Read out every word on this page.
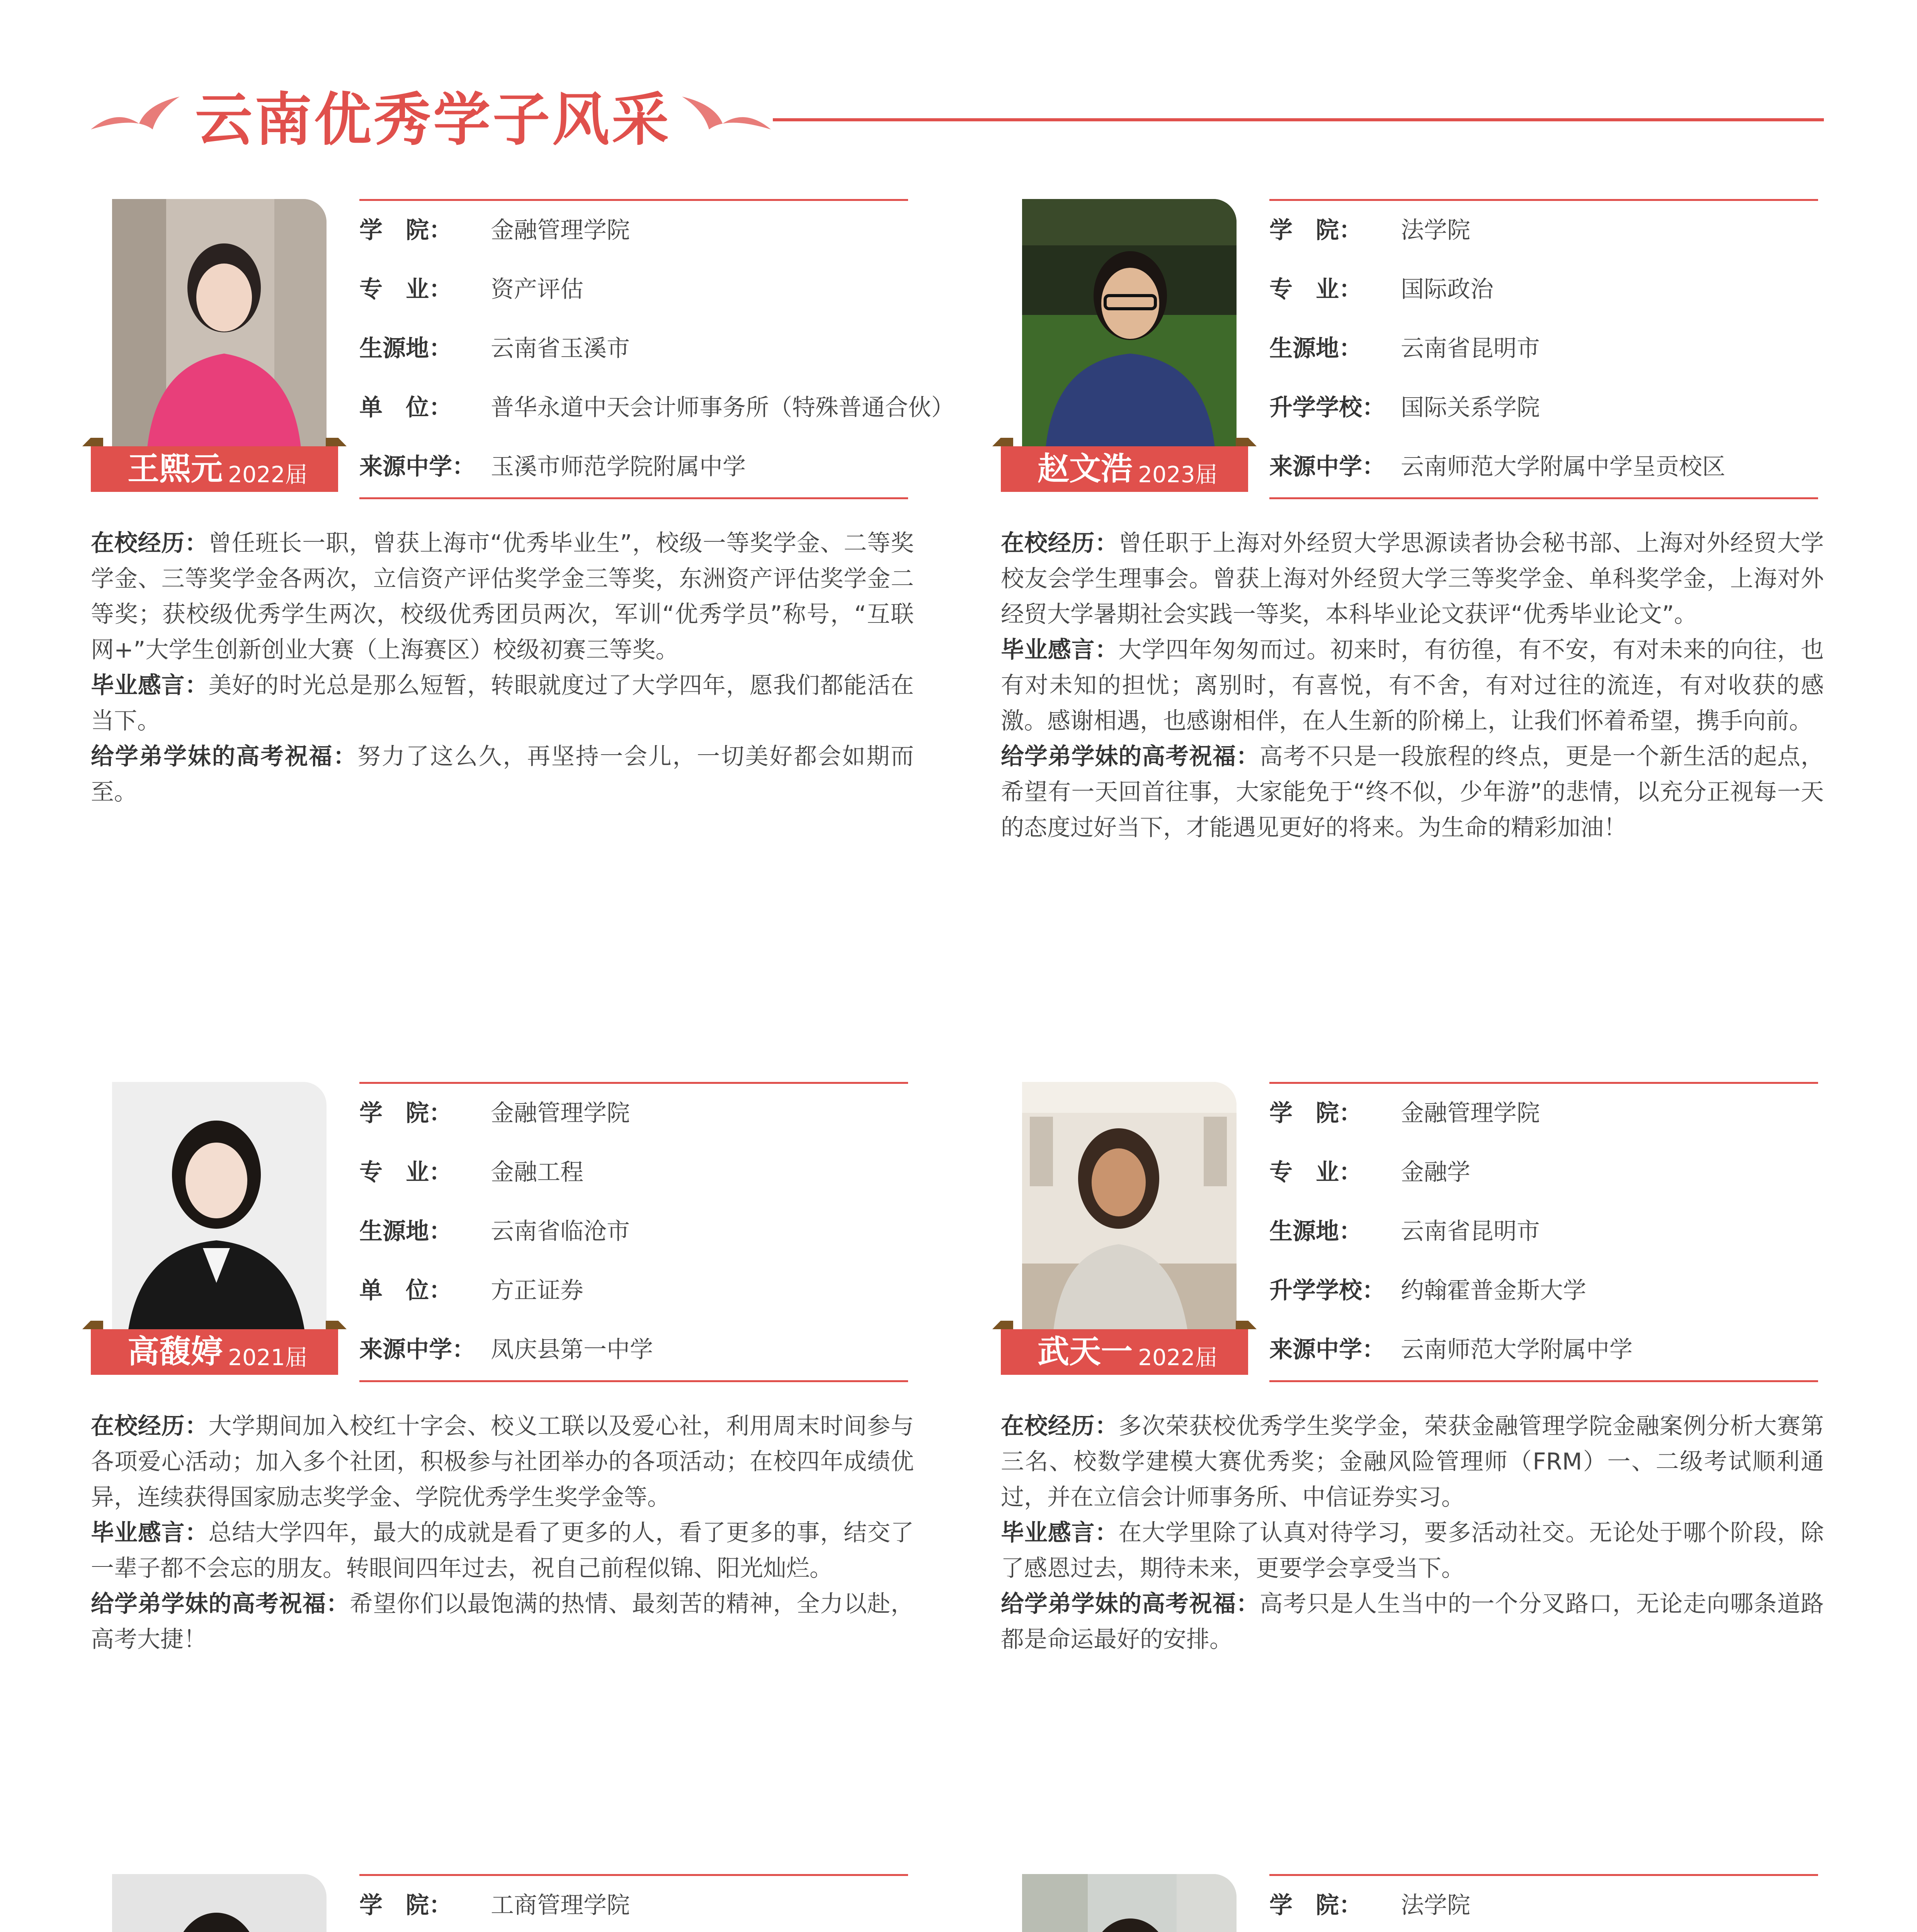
云南优秀学子风采
王熙元 2022届
学　院： 金融管理学院
专　业： 资产评估
生源地： 云南省玉溪市
单　位： 普华永道中天会计师事务所（特殊普通合伙）
来源中学： 玉溪市师范学院附属中学

在校经历：曾任班长一职，曾获上海市“优秀毕业生”，校级一等奖学金、二等奖学金、三等奖学金各两次，立信资产评估奖学金三等奖，东洲资产评估奖学金二等奖；获校级优秀学生两次，校级优秀团员两次，军训“优秀学员”称号，“互联网+”大学生创新创业大赛（上海赛区）校级初赛三等奖。

毕业感言：美好的时光总是那么短暂，转眼就度过了大学四年，愿我们都能活在当下。

给学弟学妹的高考祝福：努力了这么久，再坚持一会儿，一切美好都会如期而至。

赵文浩 2023届
学　院： 法学院
专　业： 国际政治
生源地： 云南省昆明市
升学学校： 国际关系学院
来源中学： 云南师范大学附属中学呈贡校区

在校经历：曾任职于上海对外经贸大学思源读者协会秘书部、上海对外经贸大学校友会学生理事会。曾获上海对外经贸大学三等奖学金、单科奖学金，上海对外经贸大学暑期社会实践一等奖，本科毕业论文获评“优秀毕业论文”。

毕业感言：大学四年匆匆而过。初来时，有彷徨，有不安，有对未来的向往，也有对未知的担忧；离别时，有喜悦，有不舍，有对过往的流连，有对收获的感激。感谢相遇，也感谢相伴，在人生新的阶梯上，让我们怀着希望，携手向前。

给学弟学妹的高考祝福：高考不只是一段旅程的终点，更是一个新生活的起点，希望有一天回首往事，大家能免于“终不似，少年游”的悲情，以充分正视每一天的态度过好当下，才能遇见更好的将来。为生命的精彩加油！

高馥婷 2021届
学　院： 金融管理学院
专　业： 金融工程
生源地： 云南省临沧市
单　位： 方正证券
来源中学： 凤庆县第一中学

在校经历：大学期间加入校红十字会、校义工联以及爱心社，利用周末时间参与各项爱心活动；加入多个社团，积极参与社团举办的各项活动；在校四年成绩优异，连续获得国家励志奖学金、学院优秀学生奖学金等。

毕业感言：总结大学四年，最大的成就是看了更多的人，看了更多的事，结交了一辈子都不会忘的朋友。转眼间四年过去，祝自己前程似锦、阳光灿烂。

给学弟学妹的高考祝福：希望你们以最饱满的热情、最刻苦的精神，全力以赴，高考大捷！

武天一 2022届
学　院： 金融管理学院
专　业： 金融学
生源地： 云南省昆明市
升学学校： 约翰霍普金斯大学
来源中学： 云南师范大学附属中学

在校经历：多次荣获校优秀学生奖学金，荣获金融管理学院金融案例分析大赛第三名、校数学建模大赛优秀奖；金融风险管理师（FRM）一、二级考试顺利通过，并在立信会计师事务所、中信证券实习。

毕业感言：在大学里除了认真对待学习，要多活动社交。无论处于哪个阶段，除了感恩过去，期待未来，更要学会享受当下。

给学弟学妹的高考祝福：高考只是人生当中的一个分叉路口，无论走向哪条道路都是命运最好的安排。

学　院： 工商管理学院	学　院： 法学院
